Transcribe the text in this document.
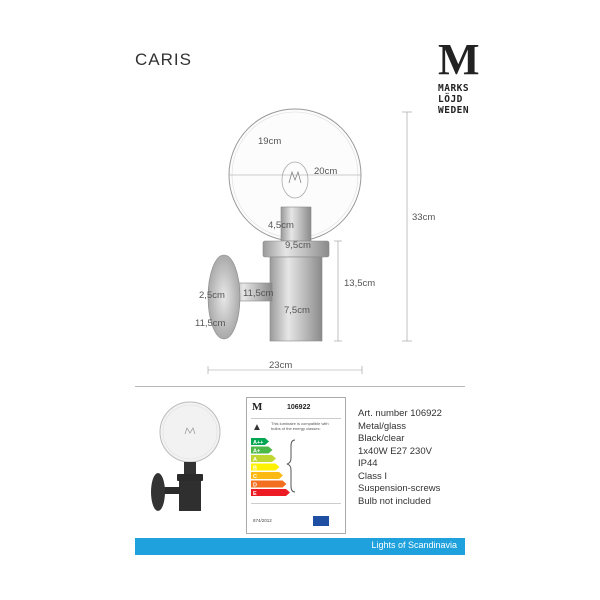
CARIS	M
MARKS
LÖJD
WEDEN
19cm
20cm
4,5cm
9,5cm
33cm
13,5cm
2,5cm 11,5cm
11,5cm
7,5cm
23cm
M	106922
▲	This luminaire is compatible with bulbs of the energy classes:
A++
A+
A
B
C
D
E
874/2012
Art. number 106922
Metal/glass
Black/clear
1x40W E27 230V
IP44
Class I
Suspension-screws
Bulb not included
Lights of Scandinavia
